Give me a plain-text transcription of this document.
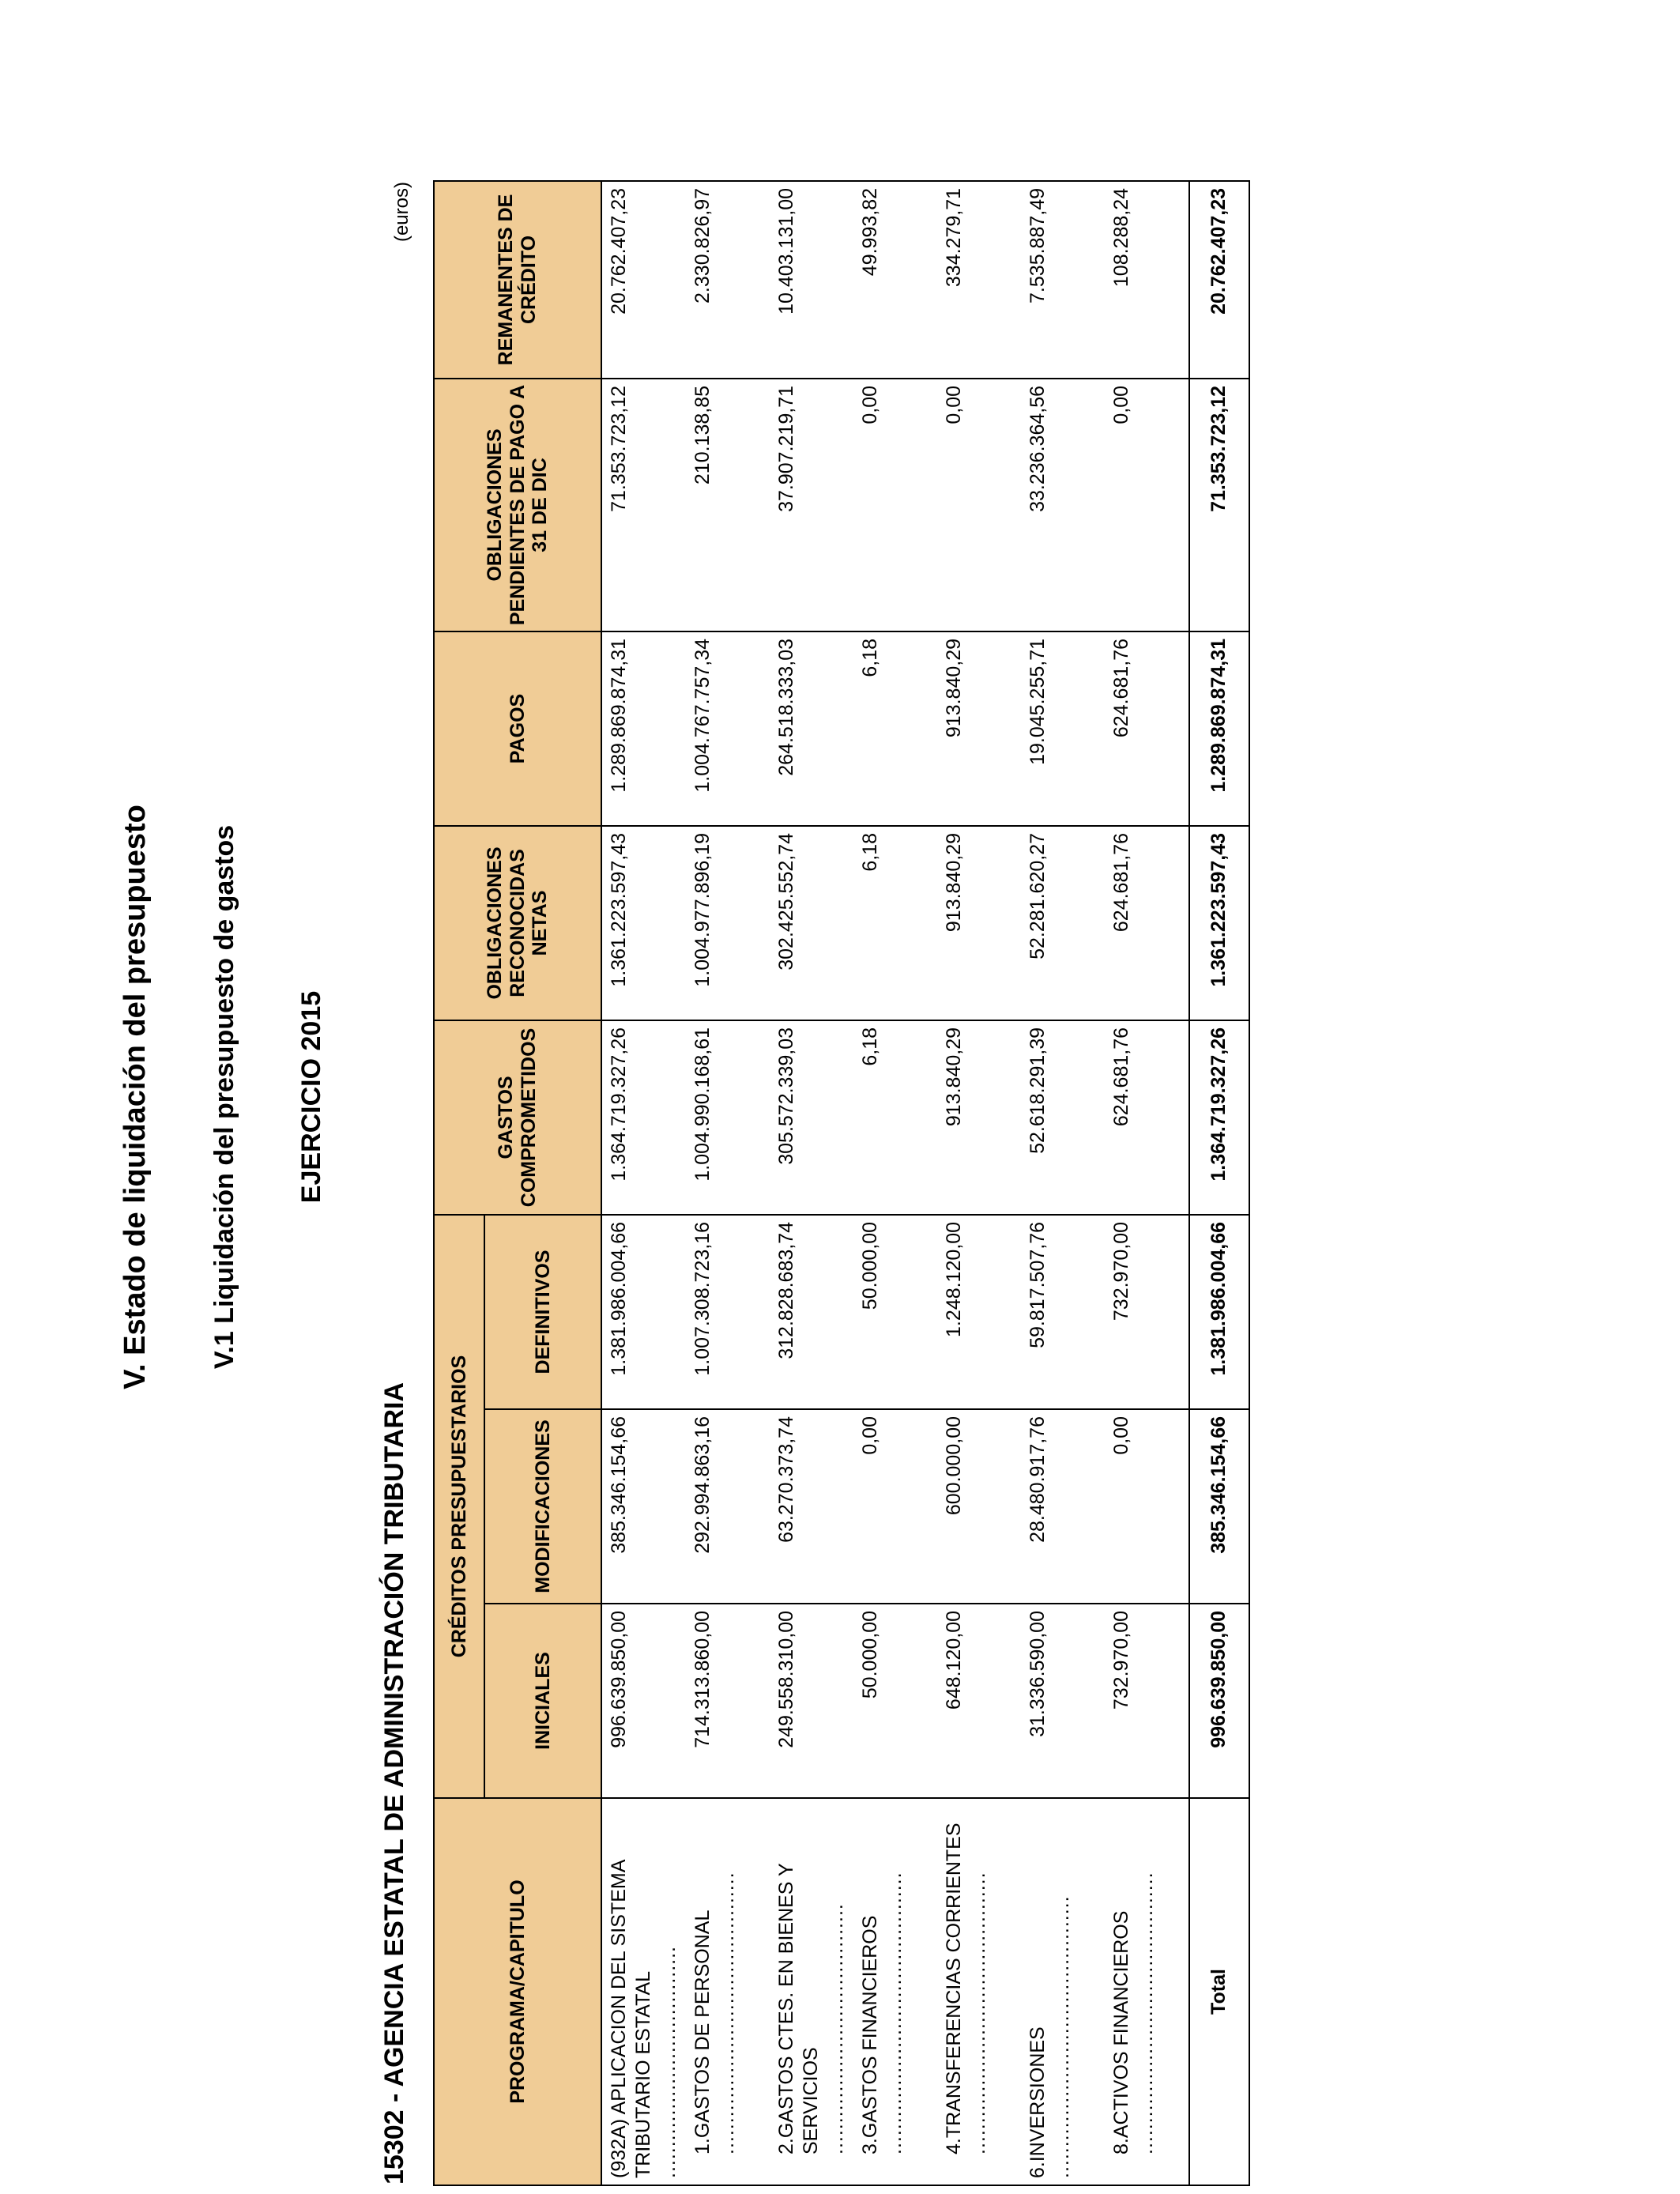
V. Estado de liquidación del presupuesto V.1 Liquidación del presupuesto de gastos EJERCICIO 2015
15302 - AGENCIA ESTATAL DE ADMINISTRACIÓN TRIBUTARIA
(euros)
PROGRAMA/CAPITULO	CRÉDITOS PRESUPUESTARIOS			GASTOS COMPROMETIDOS	OBLIGACIONES RECONOCIDAS NETAS	PAGOS	OBLIGACIONES PENDIENTES DE PAGO A 31 DE DIC	REMANENTES DE CRÉDITO
	INICIALES	MODIFICACIONES	DEFINITIVOS					
(932A) APLICACION DEL SISTEMA TRIBUTARIO ESTATAL .....................................	996.639.850,00	385.346.154,66	1.381.986.004,66	1.364.719.327,26	1.361.223.597,43	1.289.869.874,31	71.353.723,12	20.762.407,23
1.GASTOS DE PERSONAL .............................................	714.313.860,00	292.994.863,16	1.007.308.723,16	1.004.990.168,61	1.004.977.896,19	1.004.767.757,34	210.138,85	2.330.826,97
2.GASTOS CTES. EN BIENES Y SERVICIOS ........................................	249.558.310,00	63.270.373,74	312.828.683,74	305.572.339,03	302.425.552,74	264.518.333,03	37.907.219,71	10.403.131,00
3.GASTOS FINANCIEROS .............................................	50.000,00	0,00	50.000,00	6,18	6,18	6,18	0,00	49.993,82
4.TRANSFERENCIAS CORRIENTES .............................................	648.120,00	600.000,00	1.248.120,00	913.840,29	913.840,29	913.840,29	0,00	334.279,71
6.INVERSIONES .............................................	31.336.590,00	28.480.917,76	59.817.507,76	52.618.291,39	52.281.620,27	19.045.255,71	33.236.364,56	7.535.887,49
8.ACTIVOS FINANCIEROS .............................................	732.970,00	0,00	732.970,00	624.681,76	624.681,76	624.681,76	0,00	108.288,24
Total	996.639.850,00	385.346.154,66	1.381.986.004,66	1.364.719.327,26	1.361.223.597,43	1.289.869.874,31	71.353.723,12	20.762.407,23
